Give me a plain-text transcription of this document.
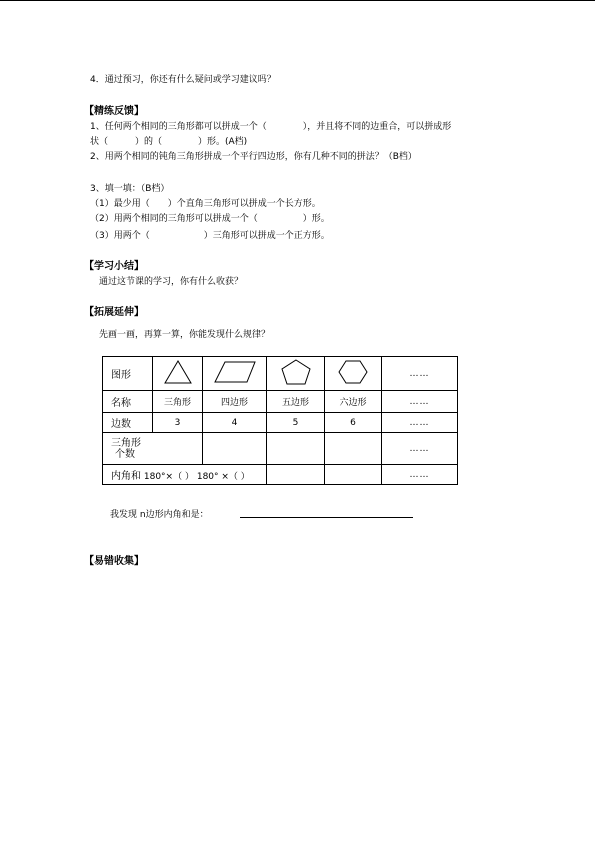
4．通过预习，你还有什么疑问或学习建议吗？
【精练反馈】
1、任何两个相同的三角形都可以拼成一个（　　　　），并且将不同的边重合，可以拼成形
状（　　　）的（　　　　）形。(A档)
2、用两个相同的钝角三角形拼成一个平行四边形，你有几种不同的拼法？（B档）
3、填一填：（B档）
（1）最少用（　　）个直角三角形可以拼成一个长方形。
（2）用两个相同的三角形可以拼成一个（　　　　　）形。
（3）用两个（　　　　　　）三角形可以拼成一个正方形。
【学习小结】
通过这节课的学习，你有什么收获？
【拓展延伸】
先画一画，再算一算，你能发现什么规律？
图形					……
名称	三角形	四边形	五边形	六边形	……
边数	3	4	5	6	……

三角形
个数					……
内角和 180°×（ ） 180° ×（ ）					……
我发现 n边形内角和是：
【易错收集】
